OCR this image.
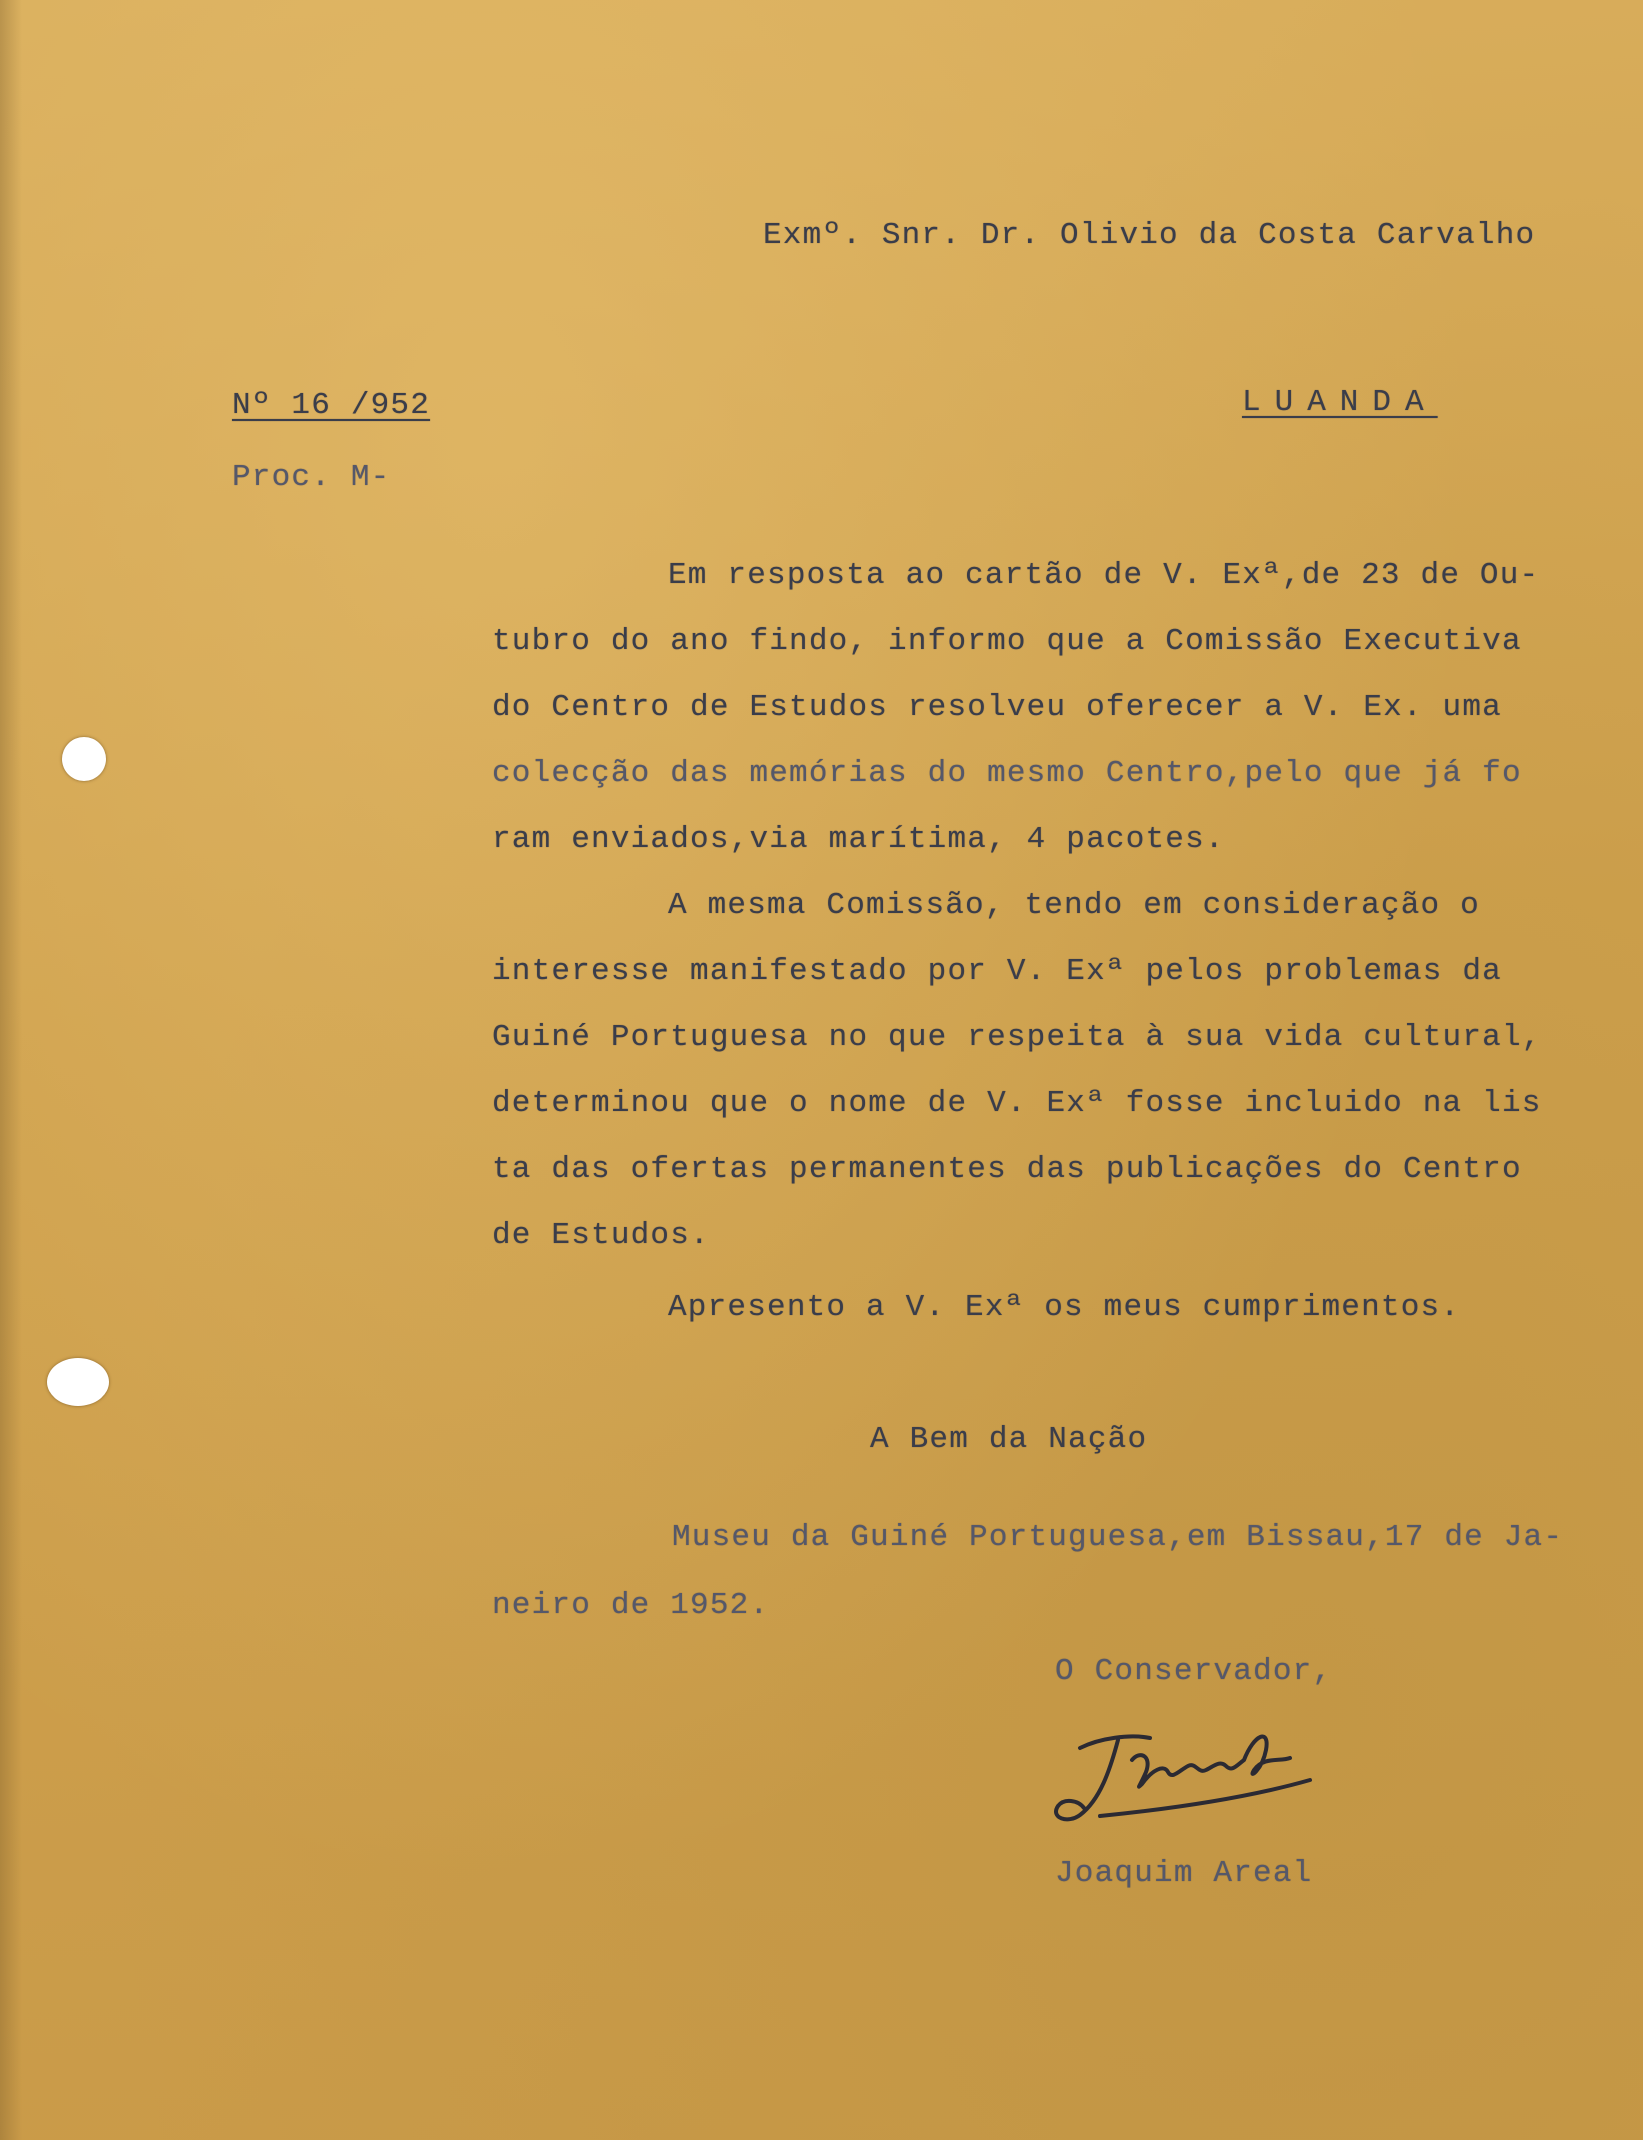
Exmº. Snr. Dr. Olivio da Costa Carvalho
Nº 16 /952
Proc. M-
LUANDA
Em resposta ao cartão de V. Exª,de 23 de Ou-
tubro do ano findo, informo que a Comissão Executiva
do Centro de Estudos resolveu oferecer a V. Ex. uma
colecção das memórias do mesmo Centro,pelo que já fo
ram enviados,via marítima, 4 pacotes.
A mesma Comissão, tendo em consideração o
interesse manifestado por V. Exª pelos problemas da
Guiné Portuguesa no que respeita à sua vida cultural,
determinou que o nome de V. Exª fosse incluido na lis
ta das ofertas permanentes das publicações do Centro
de Estudos.
Apresento a V. Exª os meus cumprimentos.
A Bem da Nação
Museu da Guiné Portuguesa,em Bissau,17 de Ja-
neiro de 1952.
O Conservador,
Joaquim Areal
